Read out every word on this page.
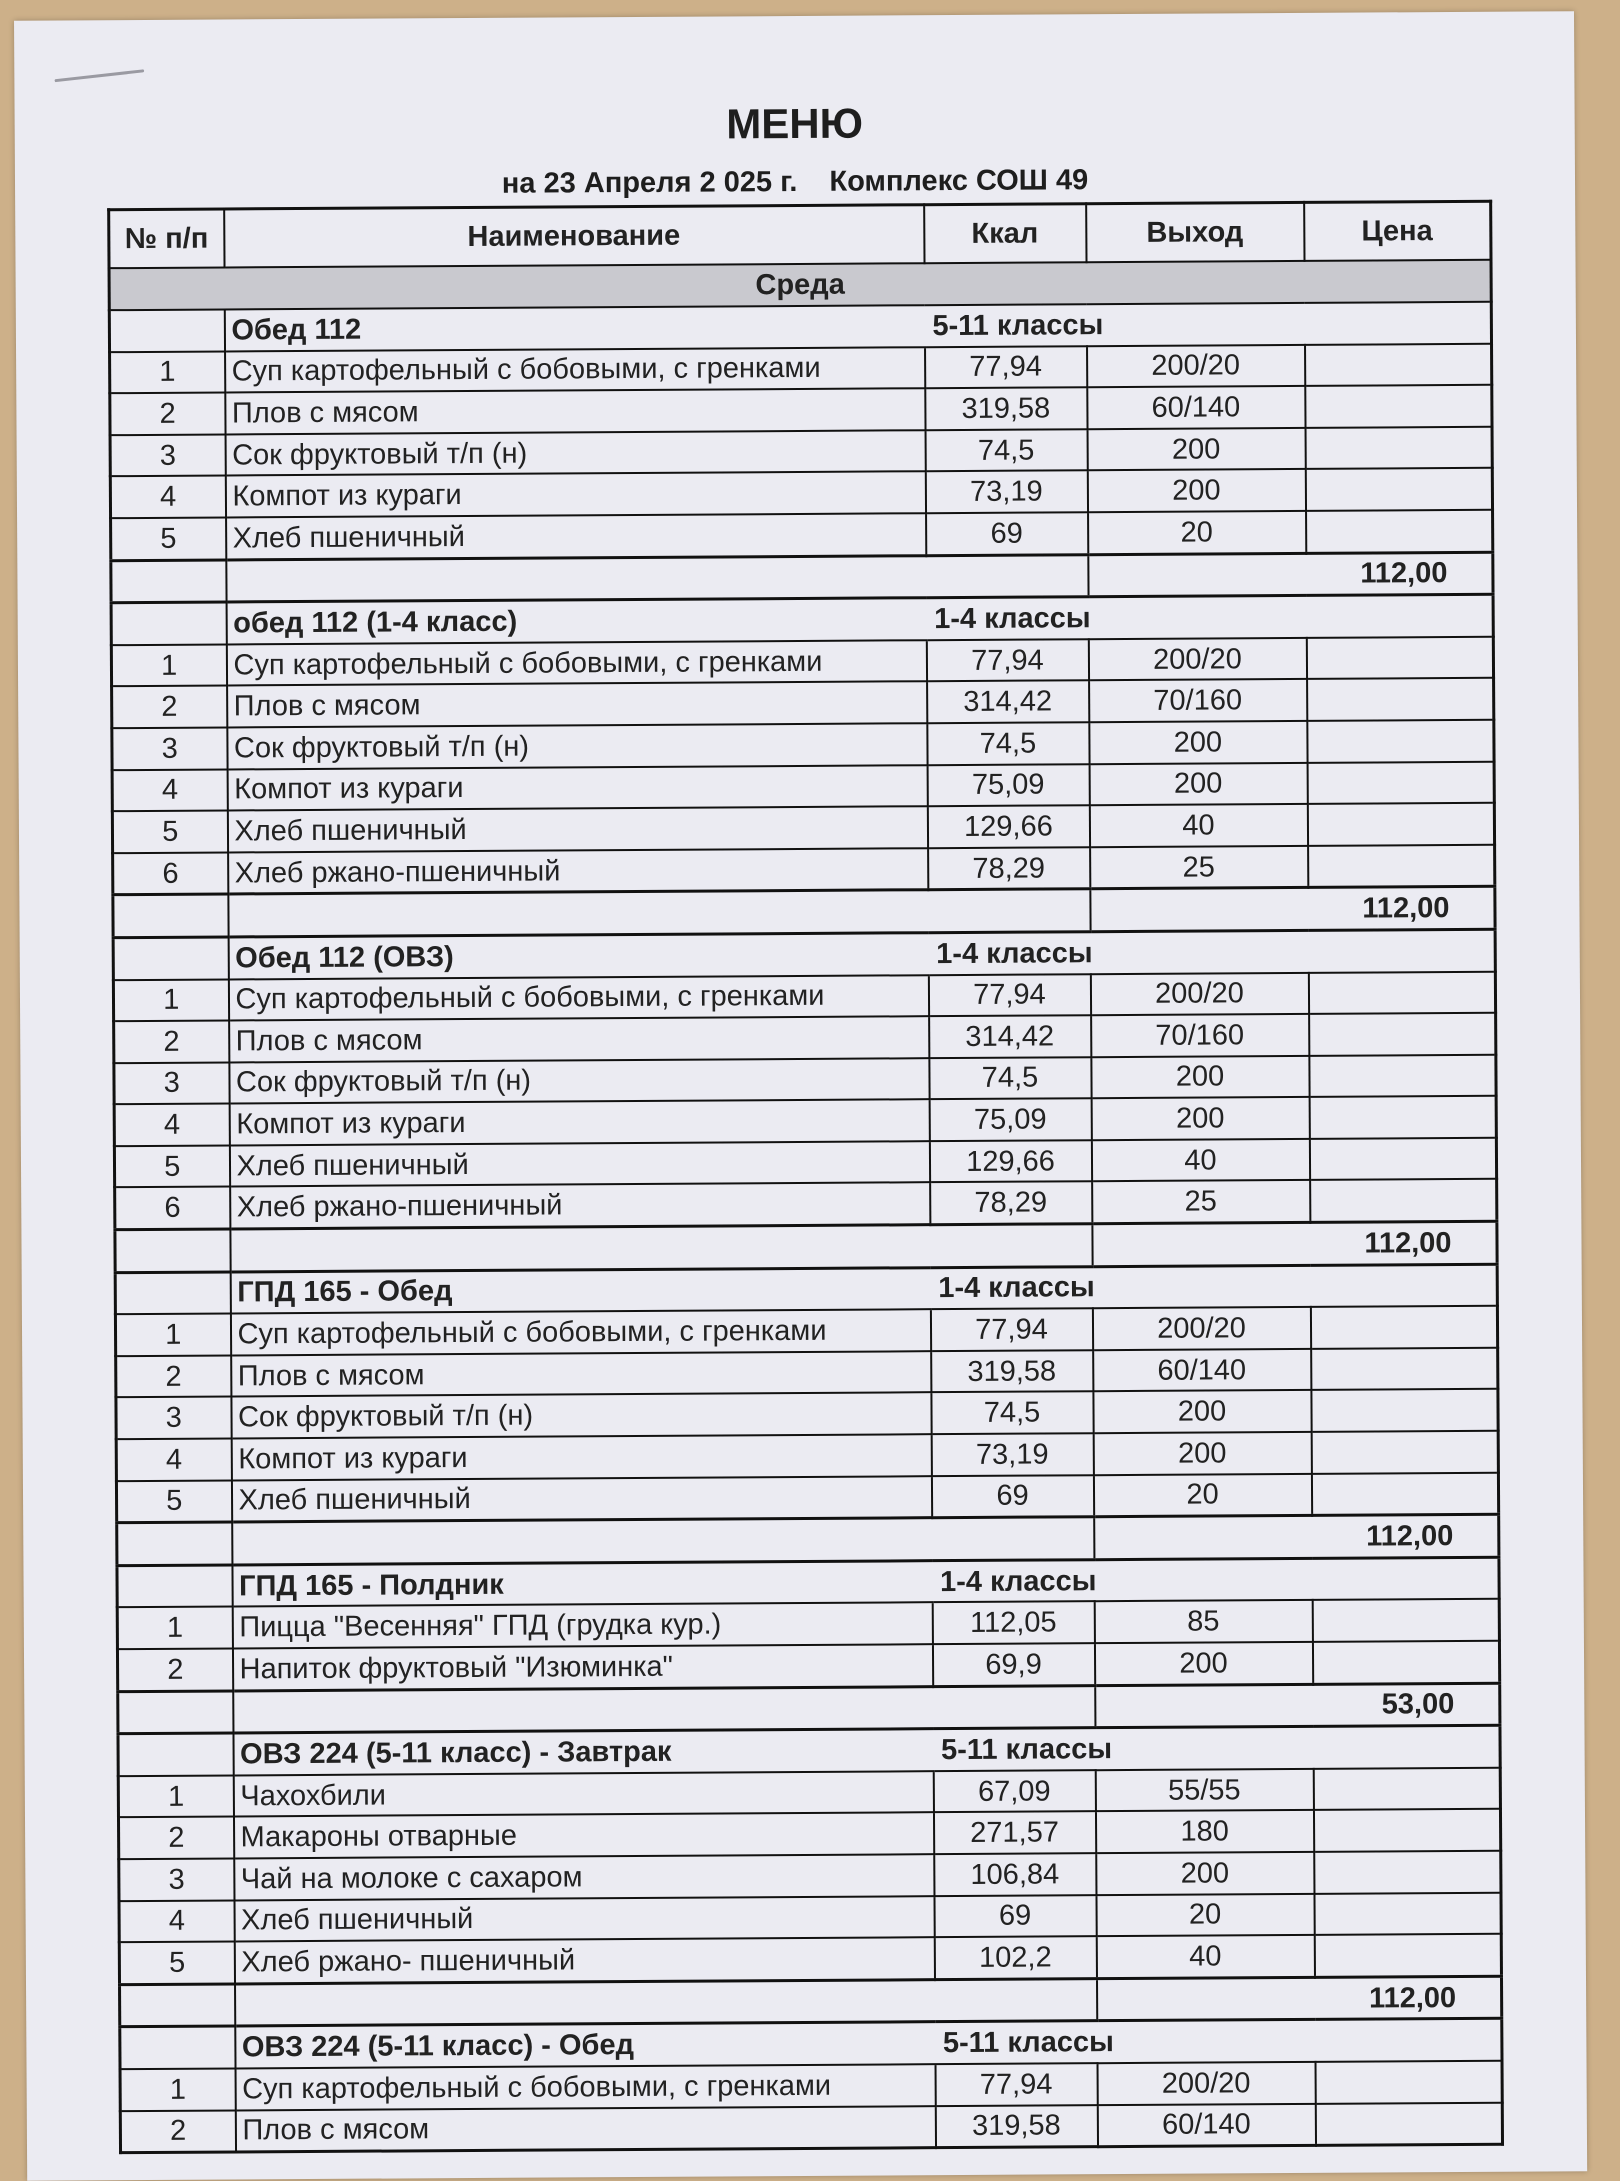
МЕНЮ
на 23 Апреля 2 025 г. Комплекс СОШ 49
№ п/п	Наименование	Ккал	Выход	Цена
Среда				
	Обед 112	5-11 классы		
1	Суп картофельный с бобовыми, с гренками	77,94	200/20	
2	Плов с мясом	319,58	60/140	
3	Сок фруктовый т/п (н)	74,5	200	
4	Компот из кураги	73,19	200	
5	Хлеб пшеничный	69	20	
			112,00	
	обед 112 (1-4 класс)	1-4 классы		
1	Суп картофельный с бобовыми, с гренками	77,94	200/20	
2	Плов с мясом	314,42	70/160	
3	Сок фруктовый т/п (н)	74,5	200	
4	Компот из кураги	75,09	200	
5	Хлеб пшеничный	129,66	40	
6	Хлеб ржано-пшеничный	78,29	25	
			112,00	
	Обед 112 (ОВЗ)	1-4 классы		
1	Суп картофельный с бобовыми, с гренками	77,94	200/20	
2	Плов с мясом	314,42	70/160	
3	Сок фруктовый т/п (н)	74,5	200	
4	Компот из кураги	75,09	200	
5	Хлеб пшеничный	129,66	40	
6	Хлеб ржано-пшеничный	78,29	25	
			112,00	
	ГПД 165 - Обед	1-4 классы		
1	Суп картофельный с бобовыми, с гренками	77,94	200/20	
2	Плов с мясом	319,58	60/140	
3	Сок фруктовый т/п (н)	74,5	200	
4	Компот из кураги	73,19	200	
5	Хлеб пшеничный	69	20	
			112,00	
	ГПД 165 - Полдник	1-4 классы		
1	Пицца "Весенняя" ГПД (грудка кур.)	112,05	85	
2	Напиток фруктовый "Изюминка"	69,9	200	
			53,00	
	ОВЗ 224 (5-11 класс) - Завтрак	5-11 классы		
1	Чахохбили	67,09	55/55	
2	Макароны отварные	271,57	180	
3	Чай на молоке с сахаром	106,84	200	
4	Хлеб пшеничный	69	20	
5	Хлеб ржано- пшеничный	102,2	40	
			112,00	
	ОВЗ 224 (5-11 класс) - Обед	5-11 классы		
1	Суп картофельный с бобовыми, с гренками	77,94	200/20	
2	Плов с мясом	319,58	60/140	
